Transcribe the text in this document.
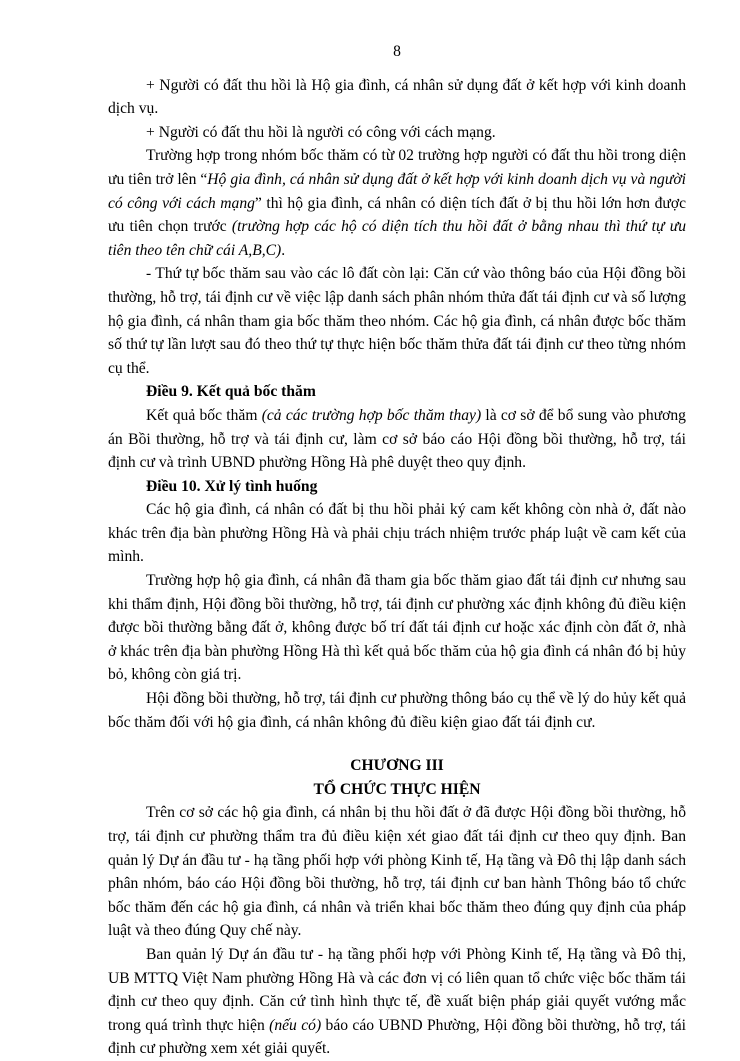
8

+ Người có đất thu hồi là Hộ gia đình, cá nhân sử dụng đất ở kết hợp với kinh doanh dịch vụ.

+ Người có đất thu hồi là người có công với cách mạng.

Trường hợp trong nhóm bốc thăm có từ 02 trường hợp người có đất thu hồi trong diện ưu tiên trở lên “Hộ gia đình, cá nhân sử dụng đất ở kết hợp với kinh doanh dịch vụ và người có công với cách mạng” thì hộ gia đình, cá nhân có diện tích đất ở bị thu hồi lớn hơn được ưu tiên chọn trước (trường hợp các hộ có diện tích thu hồi đất ở bằng nhau thì thứ tự ưu tiên theo tên chữ cái A,B,C).

- Thứ tự bốc thăm sau vào các lô đất còn lại: Căn cứ vào thông báo của Hội đồng bồi thường, hỗ trợ, tái định cư về việc lập danh sách phân nhóm thửa đất tái định cư và số lượng hộ gia đình, cá nhân tham gia bốc thăm theo nhóm. Các hộ gia đình, cá nhân được bốc thăm số thứ tự lần lượt sau đó theo thứ tự thực hiện bốc thăm thửa đất tái định cư theo từng nhóm cụ thể.

Điều 9. Kết quả bốc thăm

Kết quả bốc thăm (cả các trường hợp bốc thăm thay) là cơ sở để bổ sung vào phương án Bồi thường, hỗ trợ và tái định cư, làm cơ sở báo cáo Hội đồng bồi thường, hỗ trợ, tái định cư và trình UBND phường Hồng Hà phê duyệt theo quy định.

Điều 10. Xử lý tình huống

Các hộ gia đình, cá nhân có đất bị thu hồi phải ký cam kết không còn nhà ở, đất nào khác trên địa bàn phường Hồng Hà và phải chịu trách nhiệm trước pháp luật về cam kết của mình.

Trường hợp hộ gia đình, cá nhân đã tham gia bốc thăm giao đất tái định cư nhưng sau khi thẩm định, Hội đồng bồi thường, hỗ trợ, tái định cư phường xác định không đủ điều kiện được bồi thường bằng đất ở, không được bố trí đất tái định cư hoặc xác định còn đất ở, nhà ở khác trên địa bàn phường Hồng Hà thì kết quả bốc thăm của hộ gia đình cá nhân đó bị hủy bỏ, không còn giá trị.

Hội đồng bồi thường, hỗ trợ, tái định cư phường thông báo cụ thể về lý do hủy kết quả bốc thăm đối với hộ gia đình, cá nhân không đủ điều kiện giao đất tái định cư.

CHƯƠNG III
TỔ CHỨC THỰC HIỆN

Trên cơ sở các hộ gia đình, cá nhân bị thu hồi đất ở đã được Hội đồng bồi thường, hỗ trợ, tái định cư phường thẩm tra đủ điều kiện xét giao đất tái định cư theo quy định. Ban quản lý Dự án đầu tư - hạ tầng phối hợp với phòng Kinh tế, Hạ tầng và Đô thị lập danh sách phân nhóm, báo cáo Hội đồng bồi thường, hỗ trợ, tái định cư ban hành Thông báo tổ chức bốc thăm đến các hộ gia đình, cá nhân và triển khai bốc thăm theo đúng quy định của pháp luật và theo đúng Quy chế này.

Ban quản lý Dự án đầu tư - hạ tầng phối hợp với Phòng Kinh tế, Hạ tầng và Đô thị, UB MTTQ Việt Nam phường Hồng Hà và các đơn vị có liên quan tổ chức việc bốc thăm tái định cư theo quy định. Căn cứ tình hình thực tế, đề xuất biện pháp giải quyết vướng mắc trong quá trình thực hiện (nếu có) báo cáo UBND Phường, Hội đồng bồi thường, hỗ trợ, tái định cư phường xem xét giải quyết.
